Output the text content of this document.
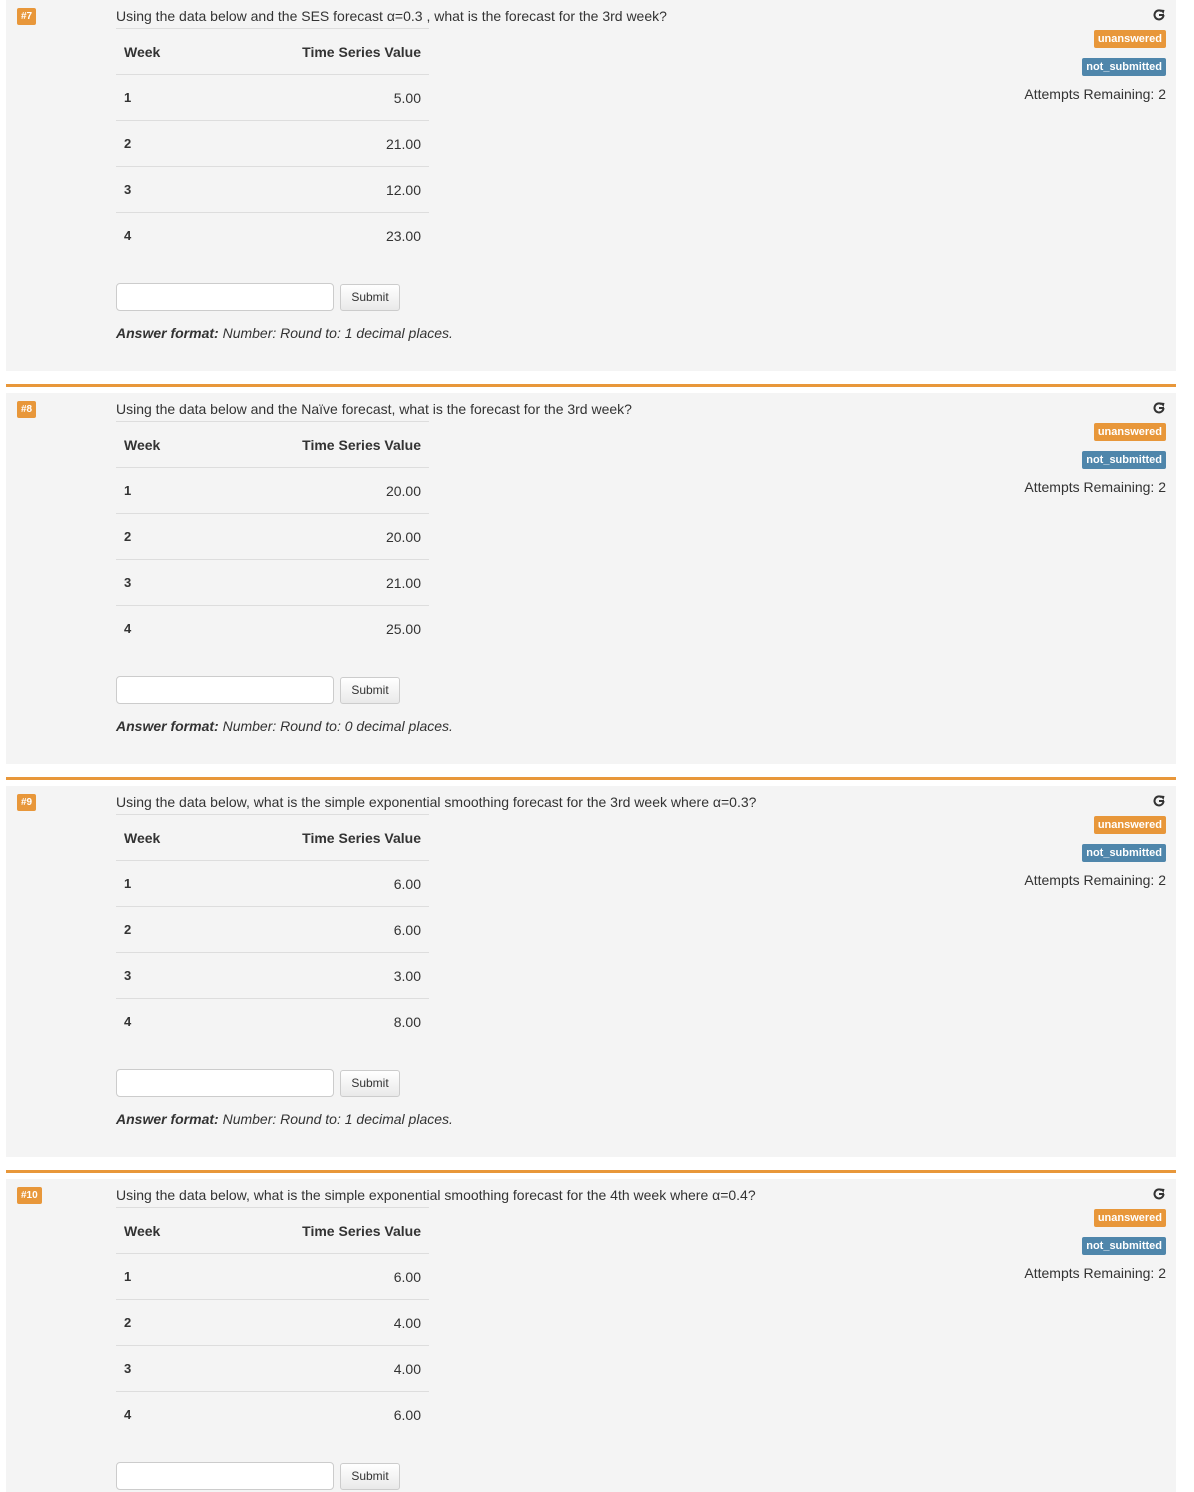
#7	Using the data below and the SES forecast α=0.3 , what is the forecast for the 3rd week?
Week	Time Series Value
1	5.00
2	21.00
3	12.00
4	23.00
Submit
Answer format: Number: Round to: 1 decimal places.
unanswered
not_submitted
Attempts Remaining: 2
#8	Using the data below and the Naïve forecast, what is the forecast for the 3rd week?
Week	Time Series Value
1	20.00
2	20.00
3	21.00
4	25.00
Submit
Answer format: Number: Round to: 0 decimal places.
unanswered
not_submitted
Attempts Remaining: 2
#9	Using the data below, what is the simple exponential smoothing forecast for the 3rd week where α=0.3?
Week	Time Series Value
1	6.00
2	6.00
3	3.00
4	8.00
Submit
Answer format: Number: Round to: 1 decimal places.
unanswered
not_submitted
Attempts Remaining: 2
#10	Using the data below, what is the simple exponential smoothing forecast for the 4th week where α=0.4?
Week	Time Series Value
1	6.00
2	4.00
3	4.00
4	6.00
Submit
unanswered
not_submitted
Attempts Remaining: 2
